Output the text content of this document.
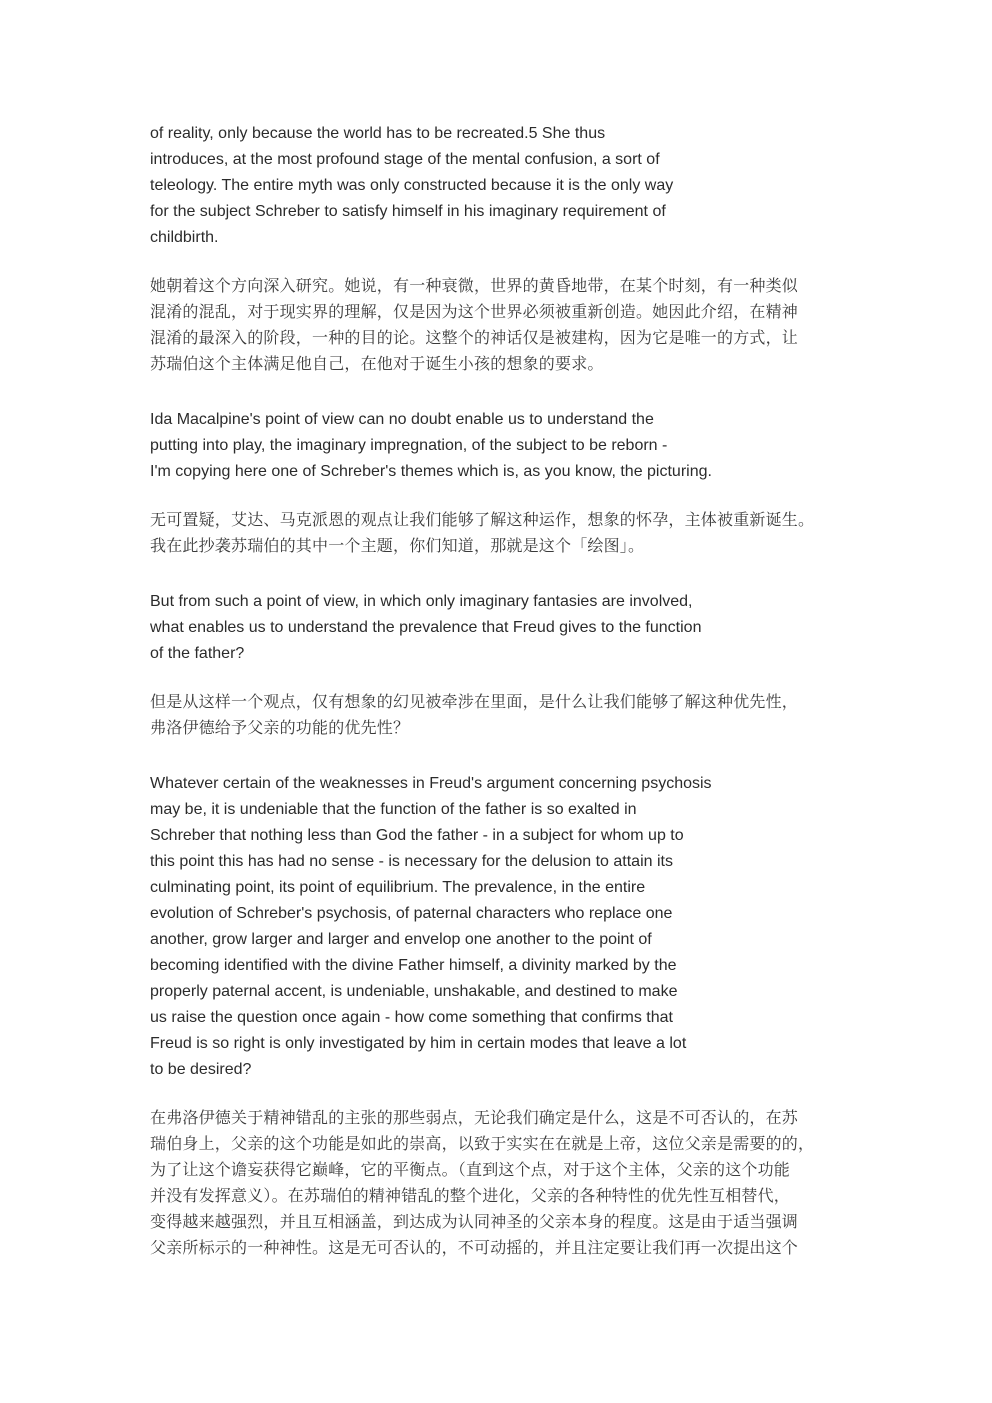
of reality, only because the world has to be recreated.5 She thus
introduces, at the most profound stage of the mental confusion, a sort of
teleology. The entire myth was only constructed because it is the only way
for the subject Schreber to satisfy himself in his imaginary requirement of
childbirth.
她朝着这个方向深入研究。她说，有一种衰微，世界的黄昏地带，在某个时刻，有一种类似
混淆的混乱，对于现实界的理解，仅是因为这个世界必须被重新创造。她因此介绍，在精神
混淆的最深入的阶段，一种的目的论。这整个的神话仅是被建构，因为它是唯一的方式，让
苏瑞伯这个主体满足他自己，在他对于诞生小孩的想象的要求。
Ida Macalpine's point of view can no doubt enable us to understand the
putting into play, the imaginary impregnation, of the subject to be reborn -
I'm copying here one of Schreber's themes which is, as you know, the picturing.
无可置疑，艾达、马克派恩的观点让我们能够了解这种运作，想象的怀孕，主体被重新诞生。
我在此抄袭苏瑞伯的其中一个主题，你们知道，那就是这个「绘图」。
But from such a point of view, in which only imaginary fantasies are involved,
what enables us to understand the prevalence that Freud gives to the function
of the father?
但是从这样一个观点，仅有想象的幻见被牵涉在里面，是什么让我们能够了解这种优先性，
弗洛伊德给予父亲的功能的优先性？
Whatever certain of the weaknesses in Freud's argument concerning psychosis
may be, it is undeniable that the function of the father is so exalted in
Schreber that nothing less than God the father - in a subject for whom up to
this point this has had no sense - is necessary for the delusion to attain its
culminating point, its point of equilibrium. The prevalence, in the entire
evolution of Schreber's psychosis, of paternal characters who replace one
another, grow larger and larger and envelop one another to the point of
becoming identified with the divine Father himself, a divinity marked by the
properly paternal accent, is undeniable, unshakable, and destined to make
us raise the question once again - how come something that confirms that
Freud is so right is only investigated by him in certain modes that leave a lot
to be desired?
在弗洛伊德关于精神错乱的主张的那些弱点，无论我们确定是什么，这是不可否认的，在苏
瑞伯身上，父亲的这个功能是如此的崇高，以致于实实在在就是上帝，这位父亲是需要的的，
为了让这个谵妄获得它巅峰，它的平衡点。（直到这个点，对于这个主体，父亲的这个功能
并没有发挥意义）。在苏瑞伯的精神错乱的整个进化，父亲的各种特性的优先性互相替代，
变得越来越强烈，并且互相涵盖，到达成为认同神圣的父亲本身的程度。这是由于适当强调
父亲所标示的一种神性。这是无可否认的，不可动摇的，并且注定要让我们再一次提出这个
